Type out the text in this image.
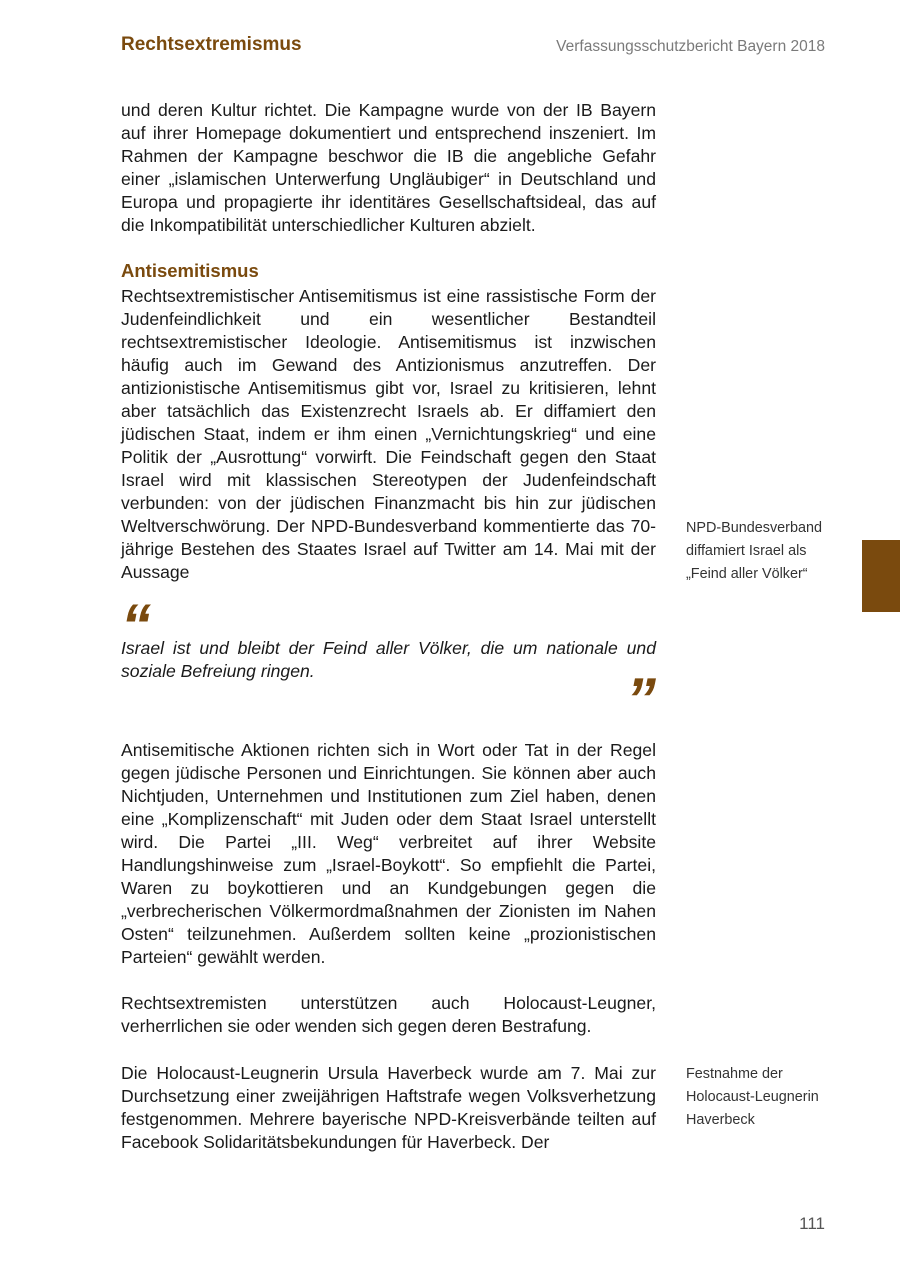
Rechtsextremismus	Verfassungsschutzbericht Bayern 2018

und deren Kultur richtet. Die Kampagne wurde von der IB Bayern auf ihrer Homepage dokumentiert und entsprechend inszeniert. Im Rahmen der Kampagne beschwor die IB die angebliche Gefahr einer „islamischen Unterwerfung Ungläubiger“ in Deutschland und Europa und propagierte ihr identitäres Gesellschaftsideal, das auf die Inkompatibilität unterschiedlicher Kulturen abzielt.

Antisemitismus

Rechtsextremistischer Antisemitismus ist eine rassistische Form der Judenfeindlichkeit und ein wesentlicher Bestandteil rechtsextremistischer Ideologie. Antisemitismus ist inzwischen häufig auch im Gewand des Antizionismus anzutreffen. Der antizionistische Antisemitismus gibt vor, Israel zu kritisieren, lehnt aber tatsächlich das Existenzrecht Israels ab. Er diffamiert den jüdischen Staat, indem er ihm einen „Vernichtungskrieg“ und eine Politik der „Ausrottung“ vorwirft. Die Feindschaft gegen den Staat Israel wird mit klassischen Stereotypen der Judenfeindschaft verbunden: von der jüdischen Finanzmacht bis hin zur jüdischen Weltverschwörung. Der NPD-Bundesverband kommentierte das 70-jährige Bestehen des Staates Israel auf Twitter am 14. Mai mit der Aussage

“

Israel ist und bleibt der Feind aller Völker, die um nationale und soziale Befreiung ringen.	”

Antisemitische Aktionen richten sich in Wort oder Tat in der Regel gegen jüdische Personen und Einrichtungen. Sie können aber auch Nichtjuden, Unternehmen und Institutionen zum Ziel haben, denen eine „Komplizenschaft“ mit Juden oder dem Staat Israel unterstellt wird. Die Partei „III. Weg“ verbreitet auf ihrer Website Handlungshinweise zum „Israel-Boykott“. So empfiehlt die Partei, Waren zu boykottieren und an Kundgebungen gegen die „verbrecherischen Völkermordmaßnahmen der Zionisten im Nahen Osten“ teilzunehmen. Außerdem sollten keine „prozionistischen Parteien“ gewählt werden.

Rechtsextremisten unterstützen auch Holocaust-Leugner, verherrlichen sie oder wenden sich gegen deren Bestrafung.

Die Holocaust-Leugnerin Ursula Haverbeck wurde am 7. Mai zur Durchsetzung einer zweijährigen Haftstrafe wegen Volksverhetzung festgenommen. Mehrere bayerische NPD-Kreisverbände teilten auf Facebook Solidaritätsbekundungen für Haverbeck. Der

NPD-Bundesverband
diffamiert Israel als
„Feind aller Völker“
Festnahme der
Holocaust-Leugnerin
Haverbeck
111
